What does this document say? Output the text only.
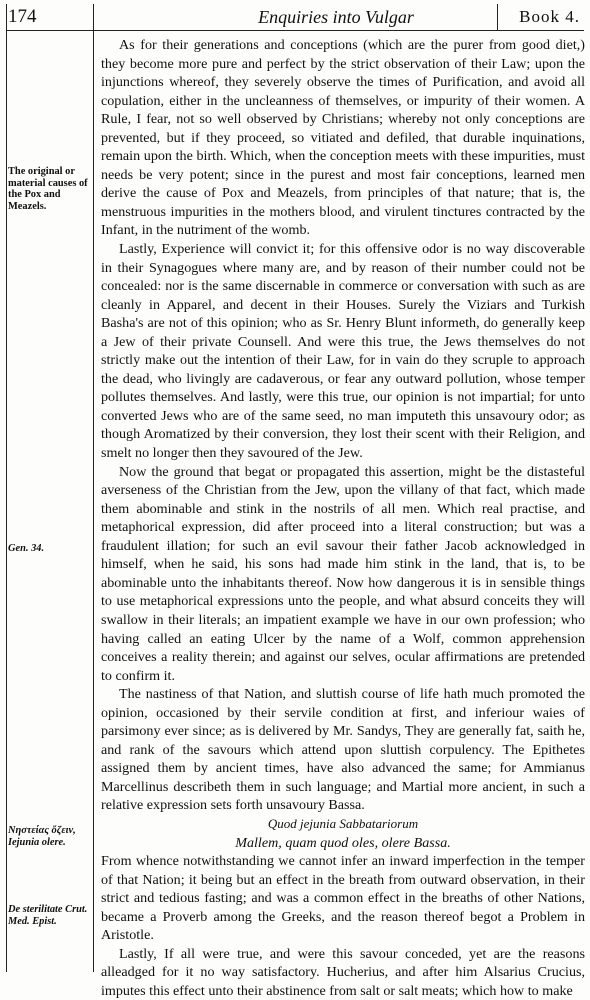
174	Enquiries into Vulgar	Book 4.
The original or material causes of the Pox and Meazels.
Gen. 34.
Νηστείας ὄζειν, Iejunia olere.
De sterilitate Crut. Med. Epist.

As for their generations and conceptions (which are the purer from good diet,) they become more pure and perfect by the strict observation of their Law; upon the injunctions whereof, they severely observe the times of Purification, and avoid all copulation, either in the uncleanness of themselves, or impurity of their women. A Rule, I fear, not so well observed by Christians; whereby not only conceptions are prevented, but if they proceed, so vitiated and defiled, that durable inquinations, remain upon the birth. Which, when the conception meets with these impurities, must needs be very potent; since in the purest and most fair conceptions, learned men derive the cause of Pox and Meazels, from principles of that nature; that is, the menstruous impurities in the mothers blood, and virulent tinctures contracted by the Infant, in the nutriment of the womb.

Lastly, Experience will convict it; for this offensive odor is no way discoverable in their Synagogues where many are, and by reason of their number could not be concealed: nor is the same discernable in commerce or conversation with such as are cleanly in Apparel, and decent in their Houses. Surely the Viziars and Turkish Basha's are not of this opinion; who as Sr. Henry Blunt informeth, do generally keep a Jew of their private Counsell. And were this true, the Jews themselves do not strictly make out the intention of their Law, for in vain do they scruple to approach the dead, who livingly are cadaverous, or fear any outward pollution, whose temper pollutes themselves. And lastly, were this true, our opinion is not impartial; for unto converted Jews who are of the same seed, no man imputeth this unsavoury odor; as though Aromatized by their conversion, they lost their scent with their Religion, and smelt no longer then they savoured of the Jew.

Now the ground that begat or propagated this assertion, might be the distasteful averseness of the Christian from the Jew, upon the villany of that fact, which made them abominable and stink in the nostrils of all men. Which real practise, and metaphorical expression, did after proceed into a literal construction; but was a fraudulent illation; for such an evil savour their father Jacob acknowledged in himself, when he said, his sons had made him stink in the land, that is, to be abominable unto the inhabitants thereof. Now how dangerous it is in sensible things to use metaphorical expressions unto the people, and what absurd conceits they will swallow in their literals; an impatient example we have in our own profession; who having called an eating Ulcer by the name of a Wolf, common apprehension conceives a reality therein; and against our selves, ocular affirmations are pretended to confirm it.

The nastiness of that Nation, and sluttish course of life hath much promoted the opinion, occasioned by their servile condition at first, and inferiour waies of parsimony ever since; as is delivered by Mr. Sandys, They are generally fat, saith he, and rank of the savours which attend upon sluttish corpulency. The Epithetes assigned them by ancient times, have also advanced the same; for Ammianus Marcellinus describeth them in such language; and Martial more ancient, in such a relative expression sets forth unsavoury Bassa.

Quod jejunia Sabbatariorum

Mallem, quam quod oles, olere Bassa.

From whence notwithstanding we cannot infer an inward imperfection in the temper of that Nation; it being but an effect in the breath from outward observation, in their strict and tedious fasting; and was a common effect in the breaths of other Nations, became a Proverb among the Greeks, and the reason thereof begot a Problem in Aristotle.

Lastly, If all were true, and were this savour conceded, yet are the reasons alleadged for it no way satisfactory. Hucherius, and after him Alsarius Crucius, imputes this effect unto their abstinence from salt or salt meats; which how to make
